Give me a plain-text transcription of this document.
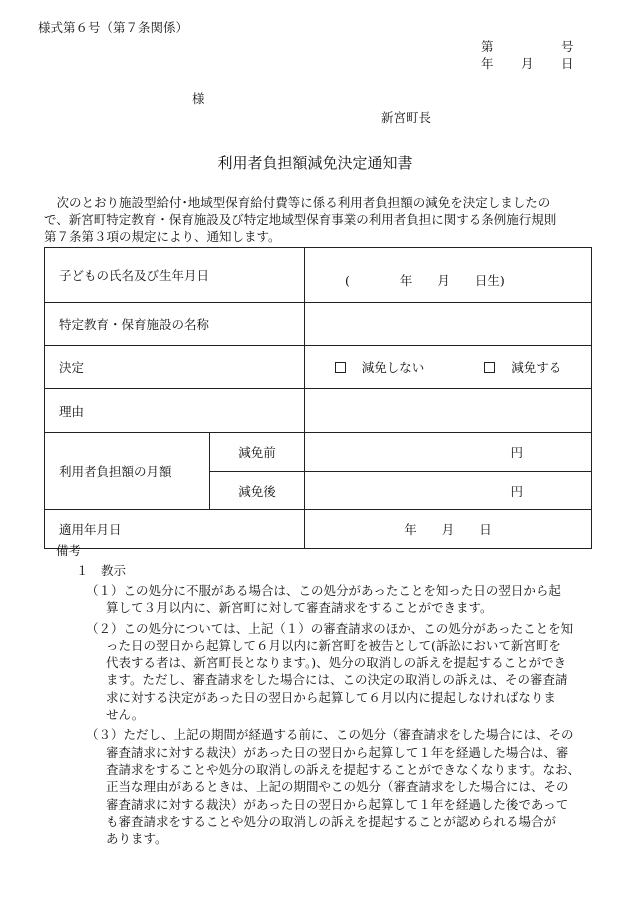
様式第６号（第７条関係）
第	号
年 月 日
様
新宮町長
利用者負担額減免決定通知書

次のとおり施設型給付･地域型保育給付費等に係る利用者負担額の減免を決定しましたの

で、新宮町特定教育・保育施設及び特定地域型保育事業の利用者負担に関する条例施行規則

第７条第３項の規定により、通知します。

子どもの氏名及び生年月日		(　　　　年　　月　　日生)
特定教育・保育施設の名称		
決定		減免しない 減免する
理由		
利用者負担額の月額	減免前	円
	減免後	円
適用年月日		年　　月　　日
備考
１　教示

（１）この処分に不服がある場合は、この処分があったことを知った日の翌日から起

算して３月以内に、新宮町に対して審査請求をすることができます。

（２）この処分については、上記（１）の審査請求のほか、この処分があったことを知

った日の翌日から起算して６月以内に新宮町を被告として(訴訟において新宮町を

代表する者は、新宮町長となります。)、処分の取消しの訴えを提起することができ

ます。ただし、審査請求をした場合には、この決定の取消しの訴えは、その審査請

求に対する決定があった日の翌日から起算して６月以内に提起しなければなりま

せん。

（３）ただし、上記の期間が経過する前に、この処分（審査請求をした場合には、その

審査請求に対する裁決）があった日の翌日から起算して１年を経過した場合は、審

査請求をすることや処分の取消しの訴えを提起することができなくなります。なお、

正当な理由があるときは、上記の期間やこの処分（審査請求をした場合には、その

審査請求に対する裁決）があった日の翌日から起算して１年を経過した後であって

も審査請求をすることや処分の取消しの訴えを提起することが認められる場合が

あります。
